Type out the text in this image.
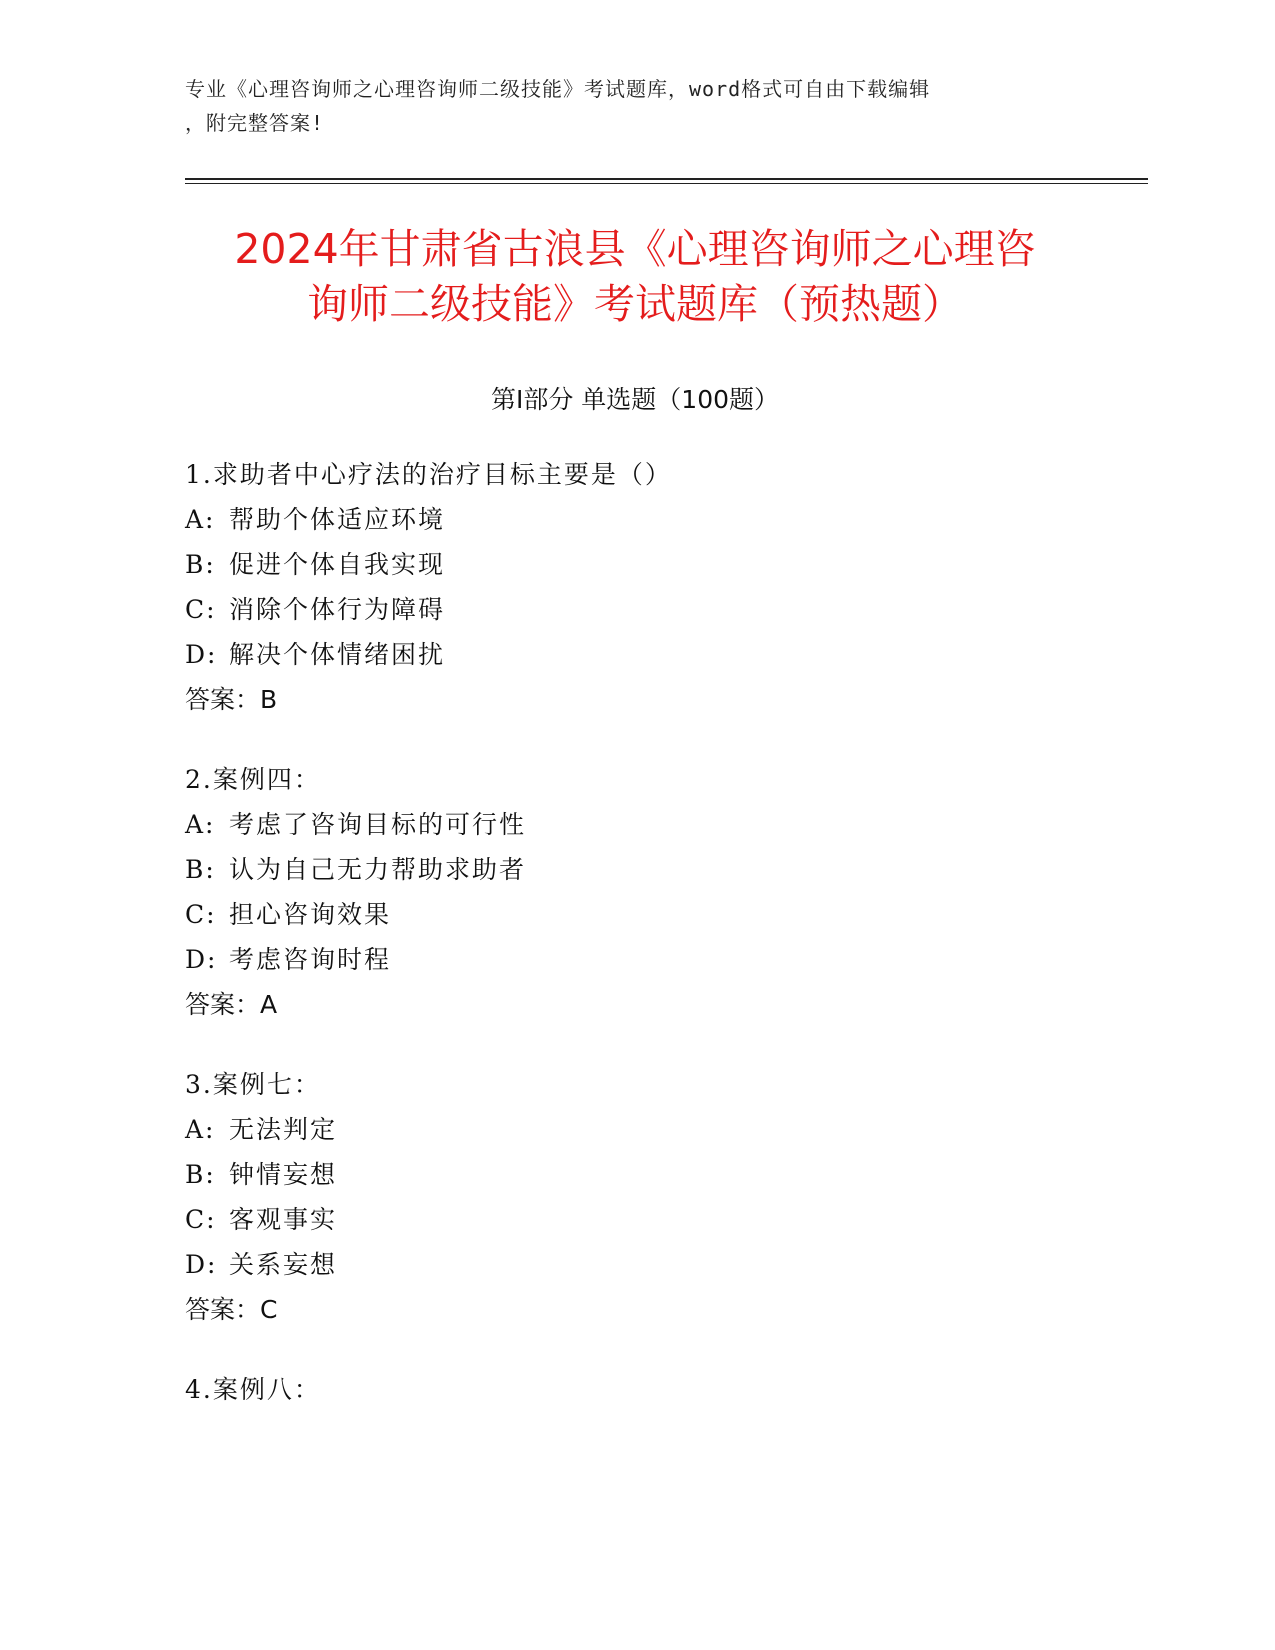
专业《心理咨询师之心理咨询师二级技能》考试题库，word格式可自由下载编辑
，附完整答案!
2024年甘肃省古浪县《心理咨询师之心理咨
询师二级技能》考试题库（预热题）
第Ⅰ部分 单选题（100题）
1.求助者中心疗法的治疗目标主要是（）
A: 帮助个体适应环境
B: 促进个体自我实现
C: 消除个体行为障碍
D: 解决个体情绪困扰
答案：B
2.案例四：
A: 考虑了咨询目标的可行性
B: 认为自己无力帮助求助者
C: 担心咨询效果
D: 考虑咨询时程
答案：A
3.案例七：
A: 无法判定
B: 钟情妄想
C: 客观事实
D: 关系妄想
答案：C
4.案例八：
